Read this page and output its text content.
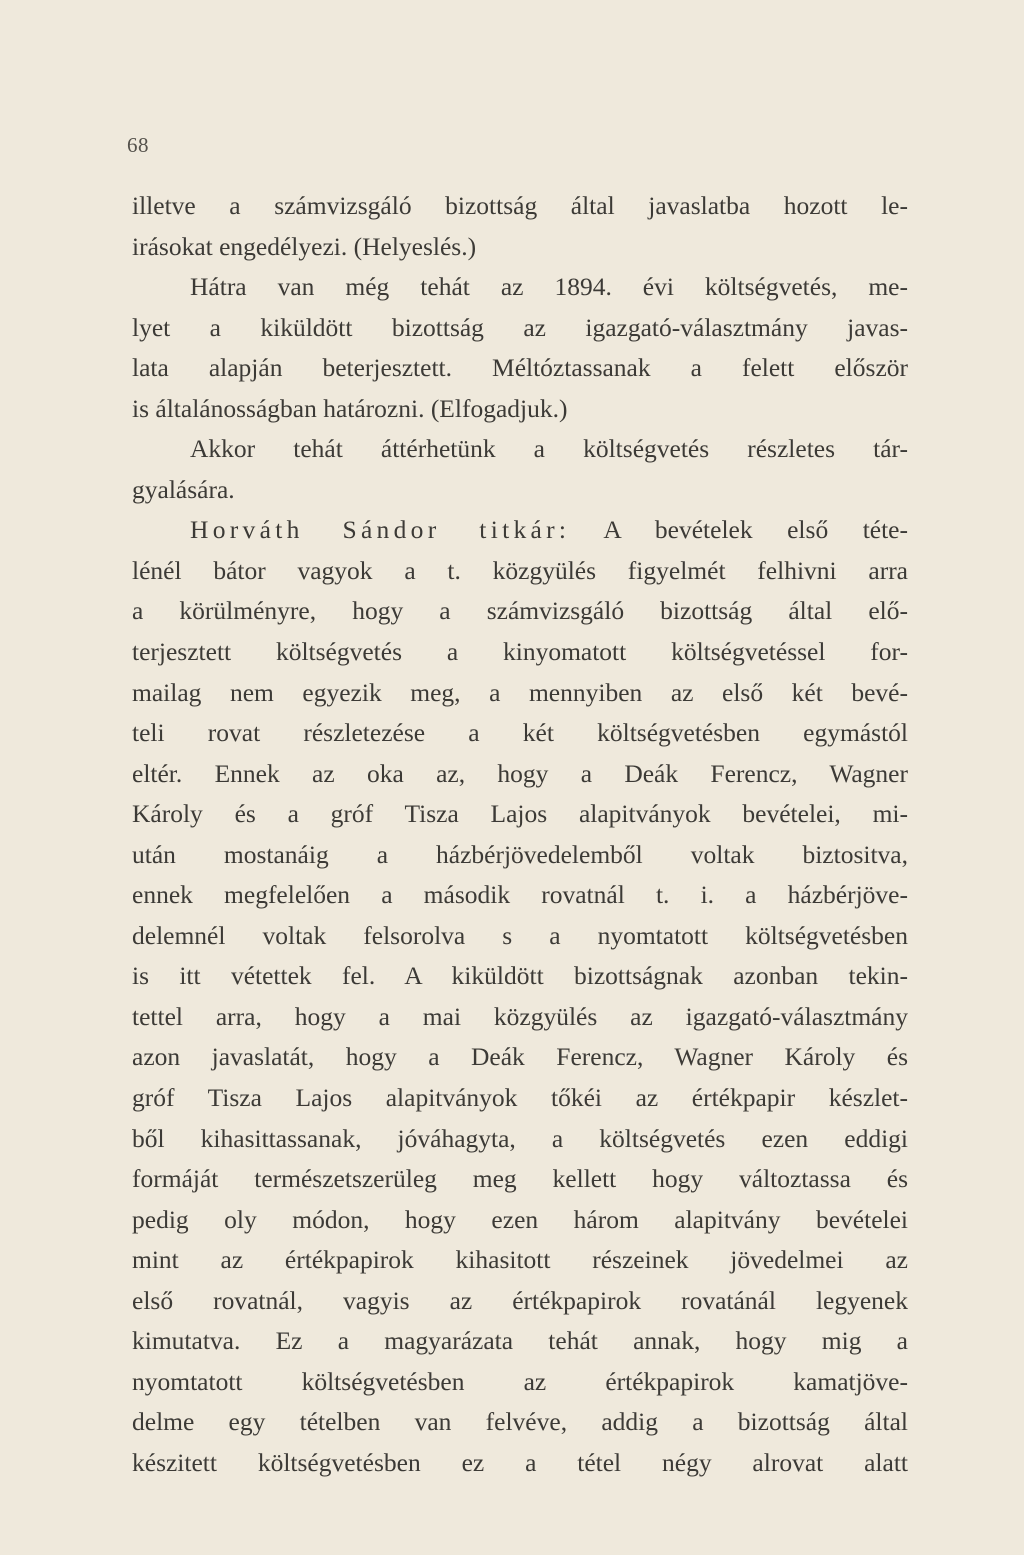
68
illetve a számvizsgáló bizottság által javaslatba hozott le-
irásokat engedélyezi. (Helyeslés.)
Hátra van még tehát az 1894. évi költségvetés, me-
lyet a kiküldött bizottság az igazgató-választmány javas-
lata alapján beterjesztett. Méltóztassanak a felett először
is általánosságban határozni. (Elfogadjuk.)
Akkor tehát áttérhetünk a költségvetés részletes tár-
gyalására.
Horváth Sándor titkár: A bevételek első téte-
lénél bátor vagyok a t. közgyülés figyelmét felhivni arra
a körülményre, hogy a számvizsgáló bizottság által elő-
terjesztett költségvetés a kinyomatott költségvetéssel for-
mailag nem egyezik meg, a mennyiben az első két bevé-
teli rovat részletezése a két költségvetésben egymástól
eltér. Ennek az oka az, hogy a Deák Ferencz, Wagner
Károly és a gróf Tisza Lajos alapitványok bevételei, mi-
után mostanáig a házbérjövedelemből voltak biztositva,
ennek megfelelően a második rovatnál t. i. a házbérjöve-
delemnél voltak felsorolva s a nyomtatott költségvetésben
is itt vétettek fel. A kiküldött bizottságnak azonban tekin-
tettel arra, hogy a mai közgyülés az igazgató-választmány
azon javaslatát, hogy a Deák Ferencz, Wagner Károly és
gróf Tisza Lajos alapitványok tőkéi az értékpapir készlet-
ből kihasittassanak, jóváhagyta, a költségvetés ezen eddigi
formáját természetszerüleg meg kellett hogy változtassa és
pedig oly módon, hogy ezen három alapitvány bevételei
mint az értékpapirok kihasitott részeinek jövedelmei az
első rovatnál, vagyis az értékpapirok rovatánál legyenek
kimutatva. Ez a magyarázata tehát annak, hogy mig a
nyomtatott költségvetésben az értékpapirok kamatjöve-
delme egy tételben van felvéve, addig a bizottság által
készitett költségvetésben ez a tétel négy alrovat alatt
